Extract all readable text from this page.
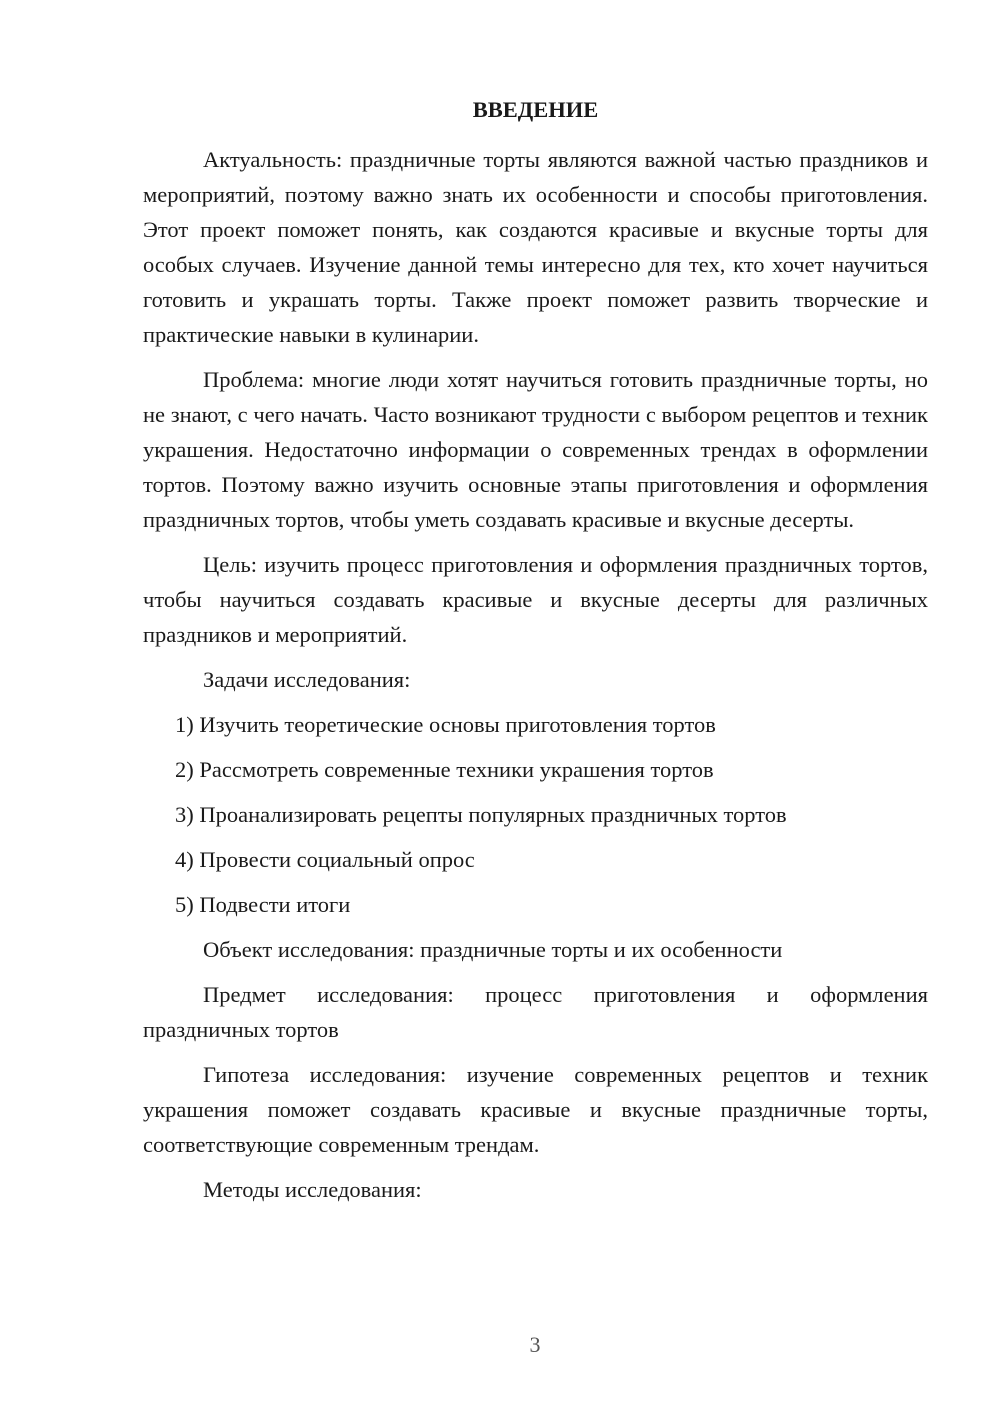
ВВЕДЕНИЕ

Актуальность: праздничные торты являются важной частью праздников и мероприятий, поэтому важно знать их особенности и способы приготовления. Этот проект поможет понять, как создаются красивые и вкусные торты для особых случаев. Изучение данной темы интересно для тех, кто хочет научиться готовить и украшать торты. Также проект поможет развить творческие и практические навыки в кулинарии.

Проблема: многие люди хотят научиться готовить праздничные торты, но не знают, с чего начать. Часто возникают трудности с выбором рецептов и техник украшения. Недостаточно информации о современных трендах в оформлении тортов. Поэтому важно изучить основные этапы приготовления и оформления праздничных тортов, чтобы уметь создавать красивые и вкусные десерты.

Цель: изучить процесс приготовления и оформления праздничных тортов, чтобы научиться создавать красивые и вкусные десерты для различных праздников и мероприятий.

Задачи исследования:

1) Изучить теоретические основы приготовления тортов
2) Рассмотреть современные техники украшения тортов
3) Проанализировать рецепты популярных праздничных тортов
4) Провести социальный опрос
5) Подвести итоги

Объект исследования: праздничные торты и их особенности

Предмет исследования: процесс приготовления и оформления праздничных тортов

Гипотеза исследования: изучение современных рецептов и техник украшения поможет создавать красивые и вкусные праздничные торты, соответствующие современным трендам.

Методы исследования:

3
